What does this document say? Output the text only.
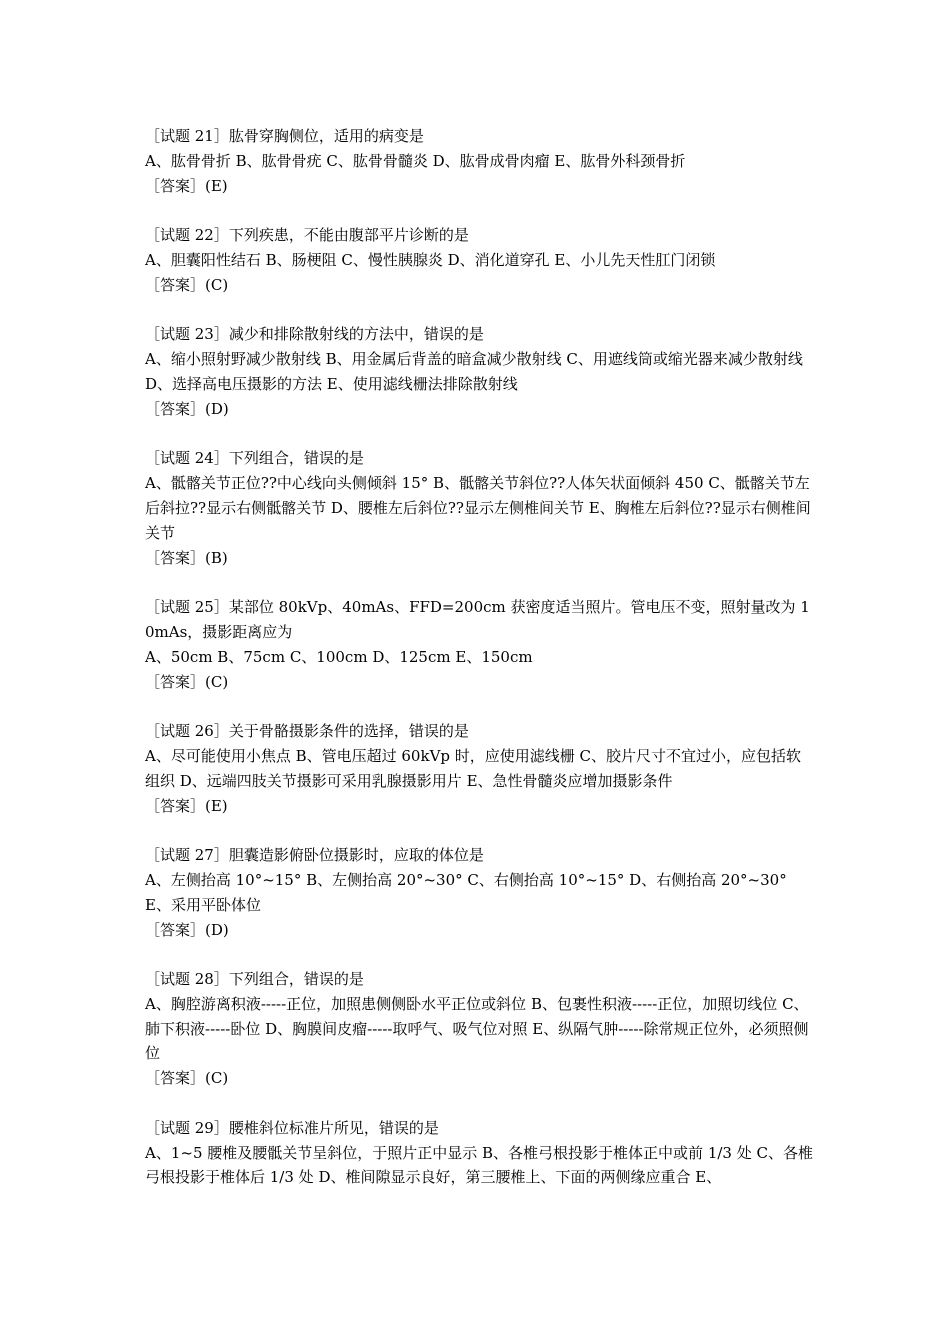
［试题 21］肱骨穿胸侧位，适用的病变是

A、肱骨骨折 B、肱骨骨疣 C、肱骨骨髓炎 D、肱骨成骨肉瘤 E、肱骨外科颈骨折

［答案］(E)

［试题 22］下列疾患，不能由腹部平片诊断的是

A、胆囊阳性结石 B、肠梗阻 C、慢性胰腺炎 D、消化道穿孔 E、小儿先天性肛门闭锁

［答案］(C)

［试题 23］减少和排除散射线的方法中，错误的是

A、缩小照射野减少散射线 B、用金属后背盖的暗盒减少散射线 C、用遮线筒或缩光器来减少散射线 D、选择高电压摄影的方法 E、使用滤线栅法排除散射线

［答案］(D)

［试题 24］下列组合，错误的是

A、骶髂关节正位??中心线向头侧倾斜 15° B、骶髂关节斜位??人体矢状面倾斜 450 C、骶髂关节左后斜拉??显示右侧骶髂关节 D、腰椎左后斜位??显示左侧椎间关节 E、胸椎左后斜位??显示右侧椎间关节

［答案］(B)

［试题 25］某部位 80kVp、40mAs、FFD=200cm 获密度适当照片。管电压不变，照射量改为 10mAs，摄影距离应为

A、50cm B、75cm C、100cm D、125cm E、150cm

［答案］(C)

［试题 26］关于骨骼摄影条件的选择，错误的是

A、尽可能使用小焦点 B、管电压超过 60kVp 时，应使用滤线栅 C、胶片尺寸不宜过小，应包括软组织 D、远端四肢关节摄影可采用乳腺摄影用片 E、急性骨髓炎应增加摄影条件

［答案］(E)

［试题 27］胆囊造影俯卧位摄影时，应取的体位是

A、左侧抬高 10°~15° B、左侧抬高 20°~30° C、右侧抬高 10°~15° D、右侧抬高 20°~30° E、采用平卧体位

［答案］(D)

［试题 28］下列组合，错误的是

A、胸腔游离积液-----正位，加照患侧侧卧水平正位或斜位 B、包裹性积液-----正位，加照切线位 C、肺下积液-----卧位 D、胸膜间皮瘤-----取呼气、吸气位对照 E、纵隔气肿-----除常规正位外，必须照侧位

［答案］(C)

［试题 29］腰椎斜位标准片所见，错误的是

A、1~5 腰椎及腰骶关节呈斜位，于照片正中显示 B、各椎弓根投影于椎体正中或前 1/3 处 C、各椎弓根投影于椎体后 1/3 处 D、椎间隙显示良好，第三腰椎上、下面的两侧缘应重合 E、
